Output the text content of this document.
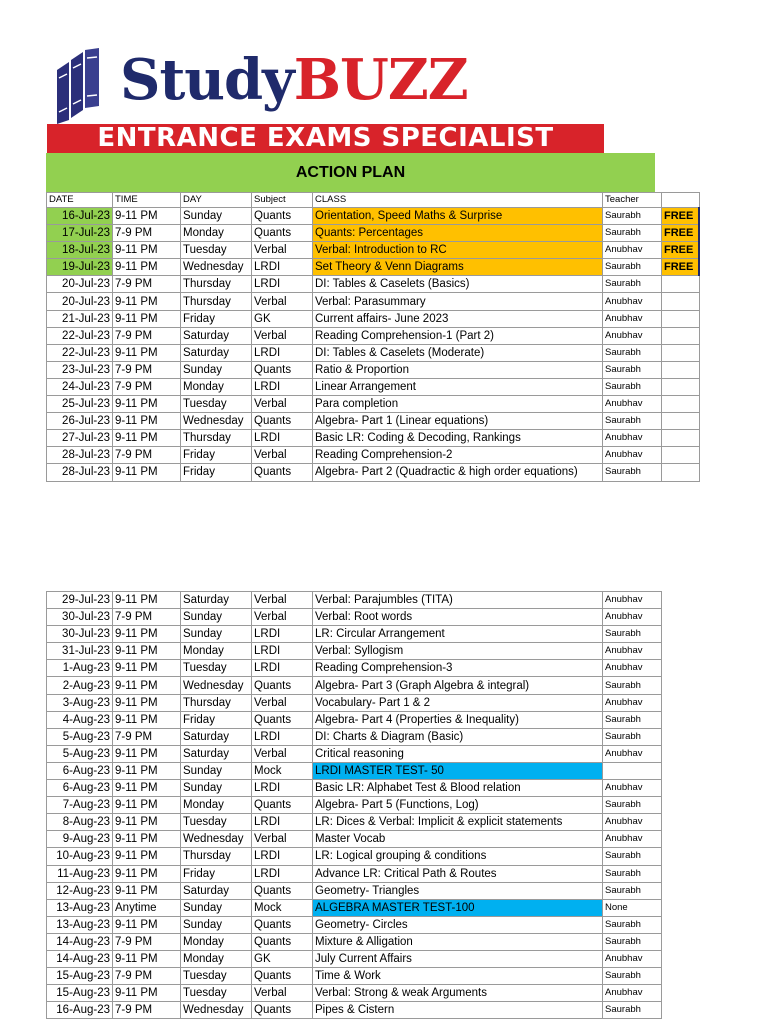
StudyBUZZ
ENTRANCE EXAMS SPECIALIST
ACTION PLAN
DATE	TIME	DAY	Subject	CLASS	Teacher	
16-Jul-23	9-11 PM	Sunday	Quants	Orientation, Speed Maths & Surprise	Saurabh	FREE
17-Jul-23	7-9 PM	Monday	Quants	Quants: Percentages	Saurabh	FREE
18-Jul-23	9-11 PM	Tuesday	Verbal	Verbal: Introduction to RC	Anubhav	FREE
19-Jul-23	9-11 PM	Wednesday	LRDI	Set Theory & Venn Diagrams	Saurabh	FREE
20-Jul-23	7-9 PM	Thursday	LRDI	DI: Tables & Caselets (Basics)	Saurabh	
20-Jul-23	9-11 PM	Thursday	Verbal	Verbal: Parasummary	Anubhav	
21-Jul-23	9-11 PM	Friday	GK	Current affairs- June 2023	Anubhav	
22-Jul-23	7-9 PM	Saturday	Verbal	Reading Comprehension-1 (Part 2)	Anubhav	
22-Jul-23	9-11 PM	Saturday	LRDI	DI: Tables & Caselets (Moderate)	Saurabh	
23-Jul-23	7-9 PM	Sunday	Quants	Ratio & Proportion	Saurabh	
24-Jul-23	7-9 PM	Monday	LRDI	Linear Arrangement	Saurabh	
25-Jul-23	9-11 PM	Tuesday	Verbal	Para completion	Anubhav	
26-Jul-23	9-11 PM	Wednesday	Quants	Algebra- Part 1 (Linear equations)	Saurabh	
27-Jul-23	9-11 PM	Thursday	LRDI	Basic LR: Coding & Decoding, Rankings	Anubhav	
28-Jul-23	7-9 PM	Friday	Verbal	Reading Comprehension-2	Anubhav	
28-Jul-23	9-11 PM	Friday	Quants	Algebra- Part 2 (Quadractic & high order equations)	Saurabh	
29-Jul-23	9-11 PM	Saturday	Verbal	Verbal: Parajumbles (TITA)	Anubhav
30-Jul-23	7-9 PM	Sunday	Verbal	Verbal: Root words	Anubhav
30-Jul-23	9-11 PM	Sunday	LRDI	LR: Circular Arrangement	Saurabh
31-Jul-23	9-11 PM	Monday	LRDI	Verbal: Syllogism	Anubhav
1-Aug-23	9-11 PM	Tuesday	LRDI	Reading Comprehension-3	Anubhav
2-Aug-23	9-11 PM	Wednesday	Quants	Algebra- Part 3 (Graph Algebra & integral)	Saurabh
3-Aug-23	9-11 PM	Thursday	Verbal	Vocabulary- Part 1 & 2	Anubhav
4-Aug-23	9-11 PM	Friday	Quants	Algebra- Part 4 (Properties & Inequality)	Saurabh
5-Aug-23	7-9 PM	Saturday	LRDI	DI: Charts & Diagram (Basic)	Saurabh
5-Aug-23	9-11 PM	Saturday	Verbal	Critical reasoning	Anubhav
6-Aug-23	9-11 PM	Sunday	Mock	LRDI MASTER TEST- 50	
6-Aug-23	9-11 PM	Sunday	LRDI	Basic LR: Alphabet Test & Blood relation	Anubhav
7-Aug-23	9-11 PM	Monday	Quants	Algebra- Part 5 (Functions, Log)	Saurabh
8-Aug-23	9-11 PM	Tuesday	LRDI	LR: Dices & Verbal: Implicit & explicit statements	Anubhav
9-Aug-23	9-11 PM	Wednesday	Verbal	Master Vocab	Anubhav
10-Aug-23	9-11 PM	Thursday	LRDI	LR: Logical grouping & conditions	Saurabh
11-Aug-23	9-11 PM	Friday	LRDI	Advance LR: Critical Path & Routes	Saurabh
12-Aug-23	9-11 PM	Saturday	Quants	Geometry- Triangles	Saurabh
13-Aug-23	Anytime	Sunday	Mock	ALGEBRA MASTER TEST-100	None
13-Aug-23	9-11 PM	Sunday	Quants	Geometry- Circles	Saurabh
14-Aug-23	7-9 PM	Monday	Quants	Mixture & Alligation	Saurabh
14-Aug-23	9-11 PM	Monday	GK	July Current Affairs	Anubhav
15-Aug-23	7-9 PM	Tuesday	Quants	Time & Work	Saurabh
15-Aug-23	9-11 PM	Tuesday	Verbal	Verbal: Strong & weak Arguments	Anubhav
16-Aug-23	7-9 PM	Wednesday	Quants	Pipes & Cistern	Saurabh
